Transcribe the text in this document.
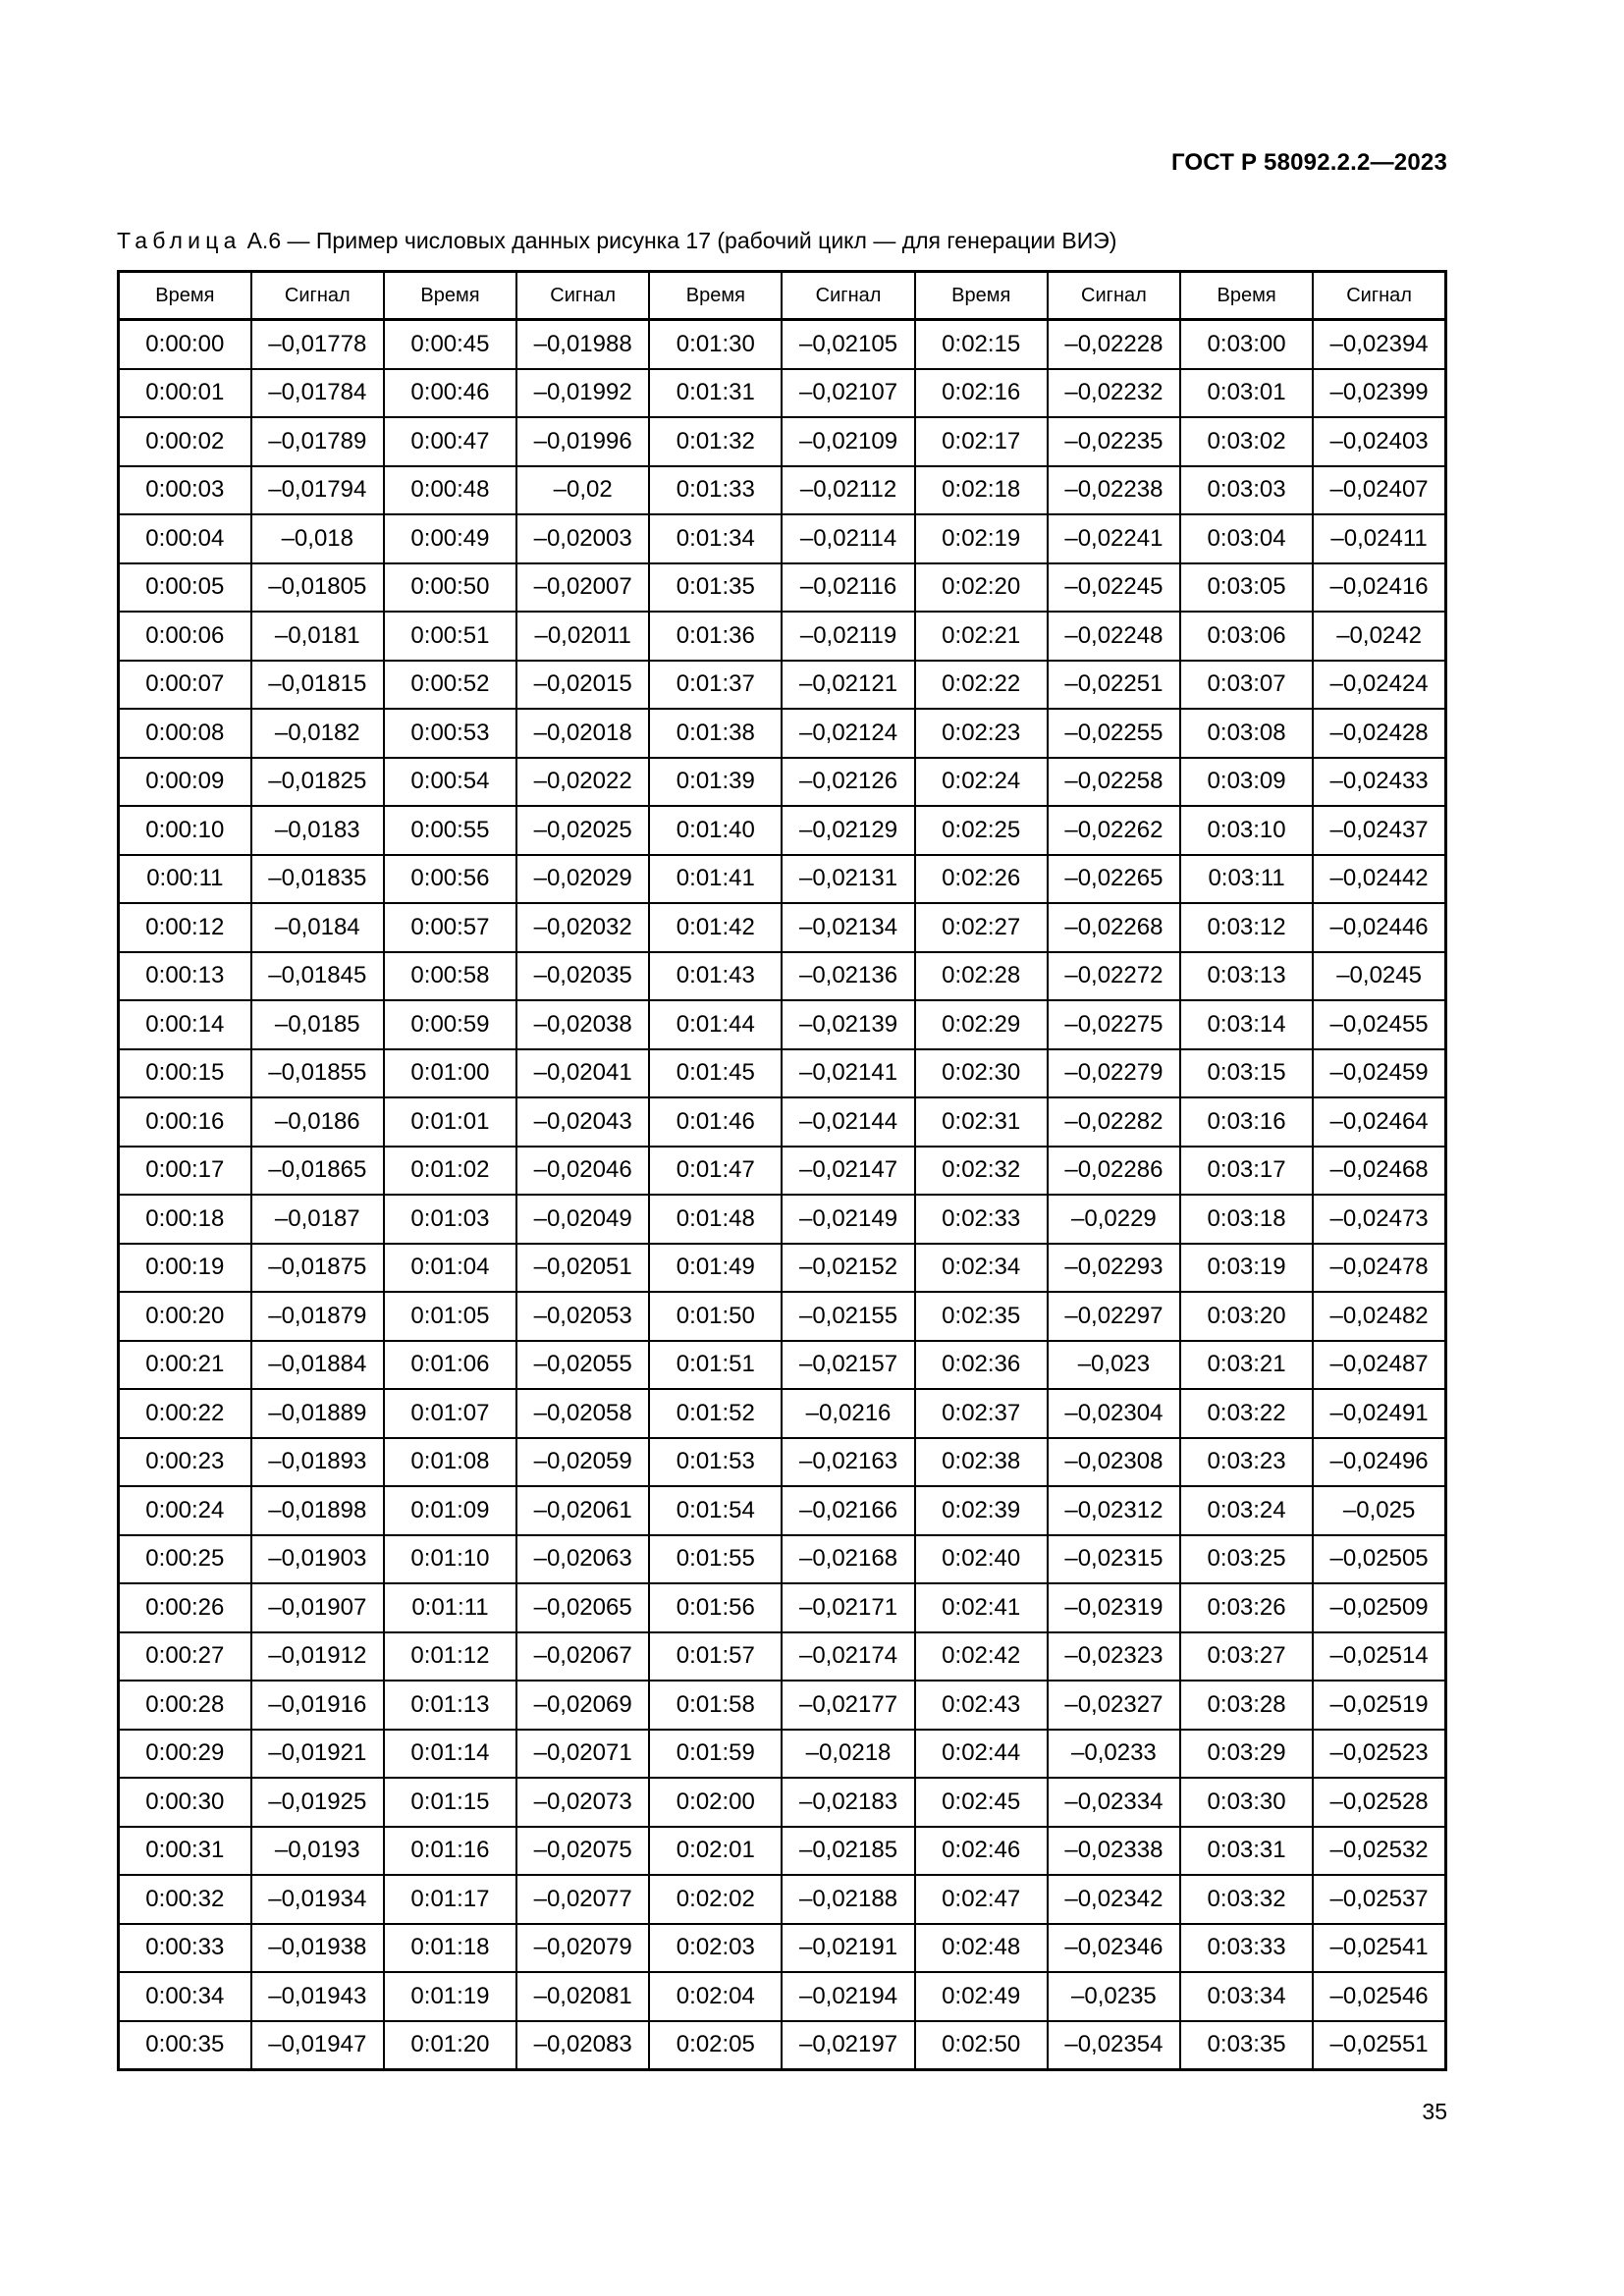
ГОСТ Р 58092.2.2—2023
Таблица А.6 — Пример числовых данных рисунка 17 (рабочий цикл — для генерации ВИЭ)
Время	Сигнал	Время	Сигнал	Время	Сигнал	Время	Сигнал	Время	Сигнал
0:00:00	–0,01778	0:00:45	–0,01988	0:01:30	–0,02105	0:02:15	–0,02228	0:03:00	–0,02394
0:00:01	–0,01784	0:00:46	–0,01992	0:01:31	–0,02107	0:02:16	–0,02232	0:03:01	–0,02399
0:00:02	–0,01789	0:00:47	–0,01996	0:01:32	–0,02109	0:02:17	–0,02235	0:03:02	–0,02403
0:00:03	–0,01794	0:00:48	–0,02	0:01:33	–0,02112	0:02:18	–0,02238	0:03:03	–0,02407
0:00:04	–0,018	0:00:49	–0,02003	0:01:34	–0,02114	0:02:19	–0,02241	0:03:04	–0,02411
0:00:05	–0,01805	0:00:50	–0,02007	0:01:35	–0,02116	0:02:20	–0,02245	0:03:05	–0,02416
0:00:06	–0,0181	0:00:51	–0,02011	0:01:36	–0,02119	0:02:21	–0,02248	0:03:06	–0,0242
0:00:07	–0,01815	0:00:52	–0,02015	0:01:37	–0,02121	0:02:22	–0,02251	0:03:07	–0,02424
0:00:08	–0,0182	0:00:53	–0,02018	0:01:38	–0,02124	0:02:23	–0,02255	0:03:08	–0,02428
0:00:09	–0,01825	0:00:54	–0,02022	0:01:39	–0,02126	0:02:24	–0,02258	0:03:09	–0,02433
0:00:10	–0,0183	0:00:55	–0,02025	0:01:40	–0,02129	0:02:25	–0,02262	0:03:10	–0,02437
0:00:11	–0,01835	0:00:56	–0,02029	0:01:41	–0,02131	0:02:26	–0,02265	0:03:11	–0,02442
0:00:12	–0,0184	0:00:57	–0,02032	0:01:42	–0,02134	0:02:27	–0,02268	0:03:12	–0,02446
0:00:13	–0,01845	0:00:58	–0,02035	0:01:43	–0,02136	0:02:28	–0,02272	0:03:13	–0,0245
0:00:14	–0,0185	0:00:59	–0,02038	0:01:44	–0,02139	0:02:29	–0,02275	0:03:14	–0,02455
0:00:15	–0,01855	0:01:00	–0,02041	0:01:45	–0,02141	0:02:30	–0,02279	0:03:15	–0,02459
0:00:16	–0,0186	0:01:01	–0,02043	0:01:46	–0,02144	0:02:31	–0,02282	0:03:16	–0,02464
0:00:17	–0,01865	0:01:02	–0,02046	0:01:47	–0,02147	0:02:32	–0,02286	0:03:17	–0,02468
0:00:18	–0,0187	0:01:03	–0,02049	0:01:48	–0,02149	0:02:33	–0,0229	0:03:18	–0,02473
0:00:19	–0,01875	0:01:04	–0,02051	0:01:49	–0,02152	0:02:34	–0,02293	0:03:19	–0,02478
0:00:20	–0,01879	0:01:05	–0,02053	0:01:50	–0,02155	0:02:35	–0,02297	0:03:20	–0,02482
0:00:21	–0,01884	0:01:06	–0,02055	0:01:51	–0,02157	0:02:36	–0,023	0:03:21	–0,02487
0:00:22	–0,01889	0:01:07	–0,02058	0:01:52	–0,0216	0:02:37	–0,02304	0:03:22	–0,02491
0:00:23	–0,01893	0:01:08	–0,02059	0:01:53	–0,02163	0:02:38	–0,02308	0:03:23	–0,02496
0:00:24	–0,01898	0:01:09	–0,02061	0:01:54	–0,02166	0:02:39	–0,02312	0:03:24	–0,025
0:00:25	–0,01903	0:01:10	–0,02063	0:01:55	–0,02168	0:02:40	–0,02315	0:03:25	–0,02505
0:00:26	–0,01907	0:01:11	–0,02065	0:01:56	–0,02171	0:02:41	–0,02319	0:03:26	–0,02509
0:00:27	–0,01912	0:01:12	–0,02067	0:01:57	–0,02174	0:02:42	–0,02323	0:03:27	–0,02514
0:00:28	–0,01916	0:01:13	–0,02069	0:01:58	–0,02177	0:02:43	–0,02327	0:03:28	–0,02519
0:00:29	–0,01921	0:01:14	–0,02071	0:01:59	–0,0218	0:02:44	–0,0233	0:03:29	–0,02523
0:00:30	–0,01925	0:01:15	–0,02073	0:02:00	–0,02183	0:02:45	–0,02334	0:03:30	–0,02528
0:00:31	–0,0193	0:01:16	–0,02075	0:02:01	–0,02185	0:02:46	–0,02338	0:03:31	–0,02532
0:00:32	–0,01934	0:01:17	–0,02077	0:02:02	–0,02188	0:02:47	–0,02342	0:03:32	–0,02537
0:00:33	–0,01938	0:01:18	–0,02079	0:02:03	–0,02191	0:02:48	–0,02346	0:03:33	–0,02541
0:00:34	–0,01943	0:01:19	–0,02081	0:02:04	–0,02194	0:02:49	–0,0235	0:03:34	–0,02546
0:00:35	–0,01947	0:01:20	–0,02083	0:02:05	–0,02197	0:02:50	–0,02354	0:03:35	–0,02551
35
